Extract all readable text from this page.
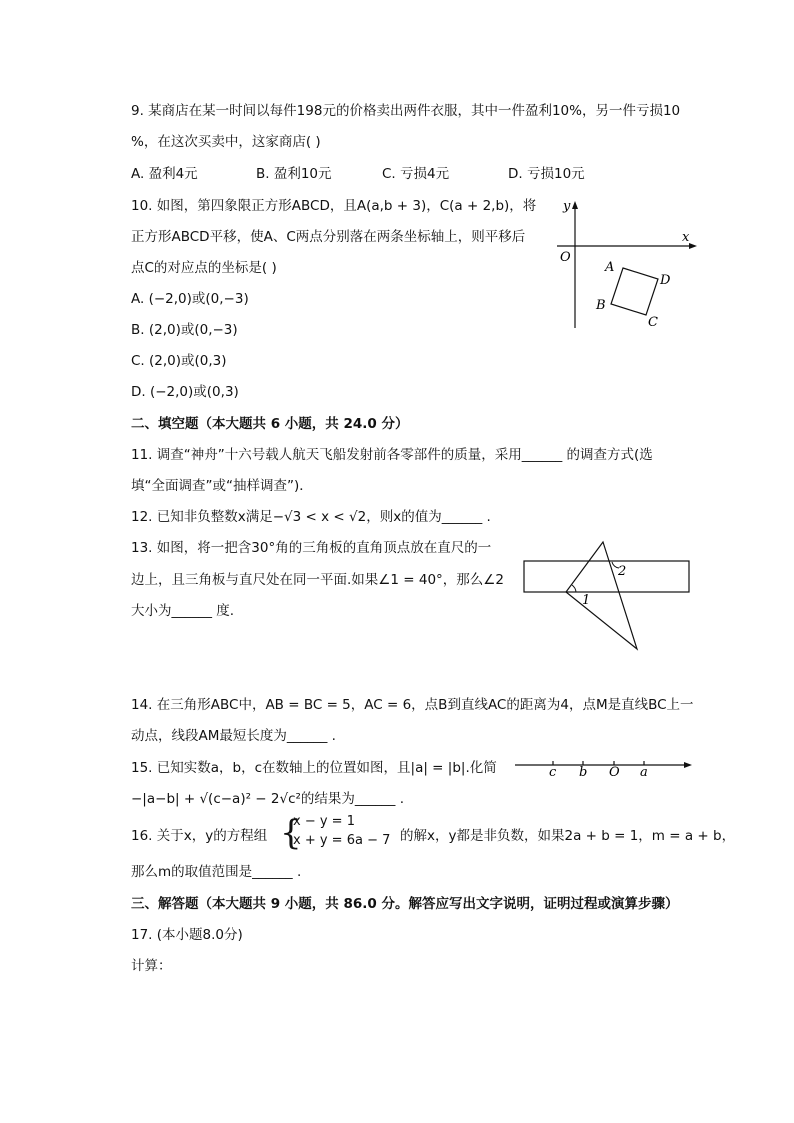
9. 某商店在某一时间以每件198元的价格卖出两件衣服，其中一件盈利10%，另一件亏损10
%，在这次买卖中，这家商店( )
A. 盈利4元	B. 盈利10元	C. 亏损4元	D. 亏损10元
10. 如图，第四象限正方形ABCD，且A(a,b + 3)，C(a + 2,b)，将
正方形ABCD平移，使A、C两点分别落在两条坐标轴上，则平移后
点C的对应点的坐标是( )
A. (−2,0)或(0,−3)
B. (2,0)或(0,−3)
C. (2,0)或(0,3)
D. (−2,0)或(0,3)
y
x
O
A
D
B
C
二、填空题（本大题共 6 小题，共 24.0 分）
11. 调查“神舟”十六号载人航天飞船发射前各零部件的质量，采用______ 的调查方式(选
填“全面调查”或“抽样调查”)．
12. 已知非负整数x满足−√3 < x < √2，则x的值为______ .
13. 如图，将一把含30°角的三角板的直角顶点放在直尺的一
边上，且三角板与直尺处在同一平面.如果∠1 = 40°，那么∠2
大小为______ 度.
2
1
14. 在三角形ABC中，AB = BC = 5，AC = 6，点B到直线AC的距离为4，点M是直线BC上一
动点，线段AM最短长度为______ .
15. 已知实数a，b，c在数轴上的位置如图，且|a| = |b|.化简
−|a−b| + √(c−a)² − 2√c²的结果为______ .
c b O a
16. 关于x，y的方程组 {
x − y = 1
x + y = 6a − 7 的解x，y都是非负数，如果2a + b = 1，m = a + b，
那么m的取值范围是______ .
三、解答题（本大题共 9 小题，共 86.0 分。解答应写出文字说明，证明过程或演算步骤）
17. (本小题8.0分)
计算：
